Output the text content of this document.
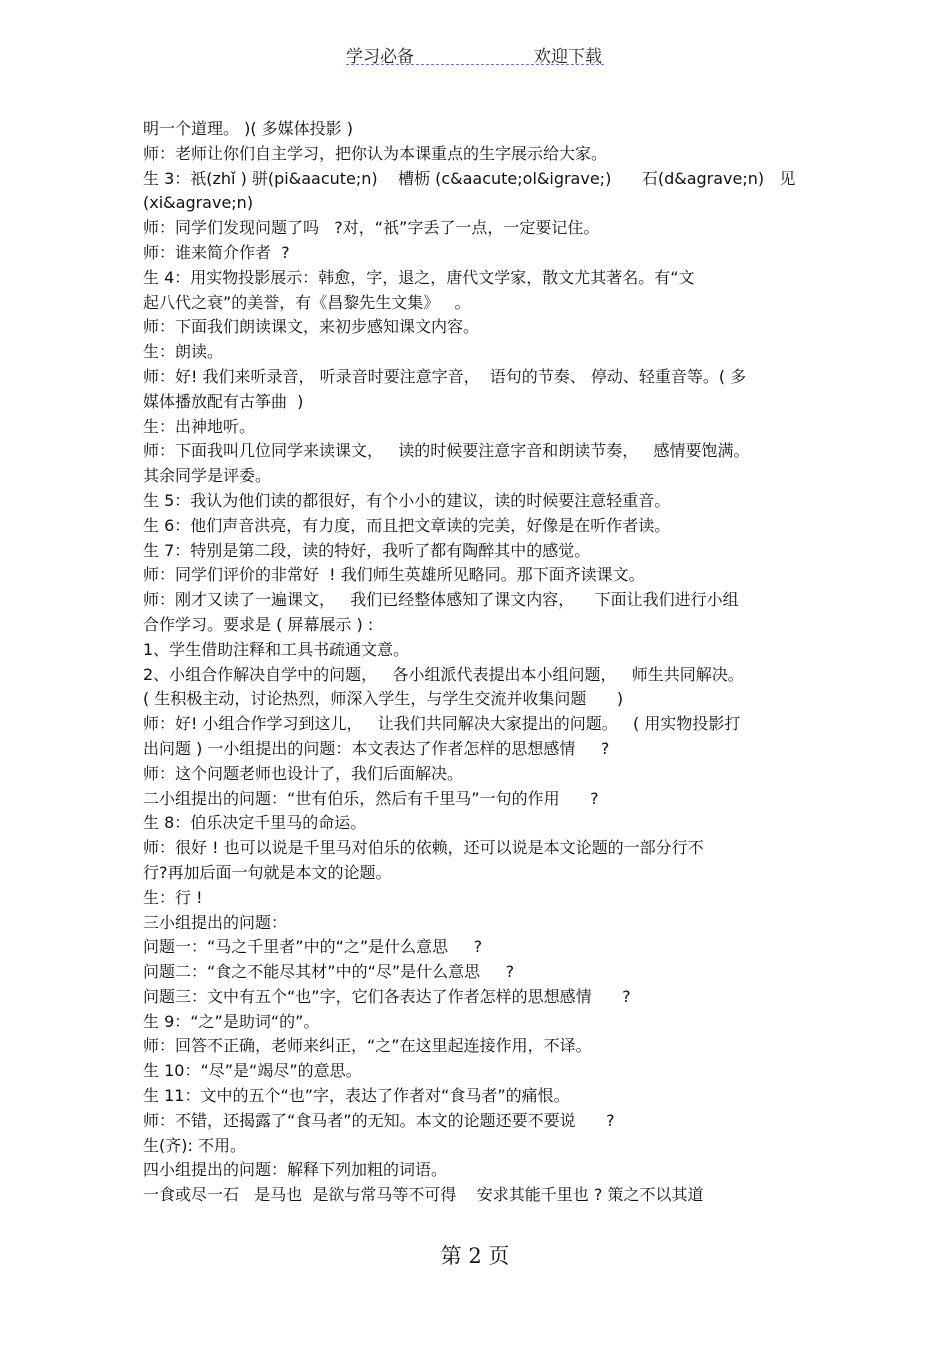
学习必备	欢迎下载
明一个道理。 )( 多媒体投影 )
师：老师让你们自主学习，把你认为本课重点的生字展示给大家。
生 3：祇(zhǐ ) 骈(pi&aacute;n)    槽枥 (c&aacute;ol&igrave;)      石(d&agrave;n)   见
(xi&agrave;n)
师：同学们发现问题了吗   ?对，“祇”字丢了一点，一定要记住。
师：谁来简介作者  ?
生 4：用实物投影展示：韩愈，字，退之，唐代文学家，散文尤其著名。有“文
起八代之衰”的美誉，有《昌黎先生文集》   。
师：下面我们朗读课文，来初步感知课文内容。
生：朗读。
师：好! 我们来听录音， 听录音时要注意字音，  语句的节奏、 停动、轻重音等。( 多
媒体播放配有古筝曲  )
生：出神地听。
师：下面我叫几位同学来读课文，   读的时候要注意字音和朗读节奏，   感情要饱满。
其余同学是评委。
生 5：我认为他们读的都很好，有个小小的建议，读的时候要注意轻重音。
生 6：他们声音洪亮，有力度，而且把文章读的完美，好像是在听作者读。
生 7：特别是第二段，读的特好，我听了都有陶醉其中的感觉。
师：同学们评价的非常好  ! 我们师生英雄所见略同。那下面齐读课文。
师：刚才又读了一遍课文，   我们已经整体感知了课文内容，    下面让我们进行小组
合作学习。要求是 ( 屏幕展示 ) :
1、学生借助注释和工具书疏通文意。
2、小组合作解决自学中的问题，   各小组派代表提出本小组问题，   师生共同解决。
( 生积极主动，讨论热烈，师深入学生，与学生交流并收集问题      )
师：好! 小组合作学习到这儿，   让我们共同解决大家提出的问题。   ( 用实物投影打
出问题 ) 一小组提出的问题：本文表达了作者怎样的思想感情     ?
师：这个问题老师也设计了，我们后面解决。
二小组提出的问题：“世有伯乐，然后有千里马”一句的作用      ?
生 8：伯乐决定千里马的命运。
师：很好 ! 也可以说是千里马对伯乐的依赖，还可以说是本文论题的一部分行不
行?再加后面一句就是本文的论题。
生：行 !
三小组提出的问题：
问题一：“马之千里者”中的“之”是什么意思     ?
问题二：“食之不能尽其材”中的“尽”是什么意思     ?
问题三：文中有五个“也”字，它们各表达了作者怎样的思想感情      ?
生 9：“之”是助词“的”。
师：回答不正确，老师来纠正，“之”在这里起连接作用，不译。
生 10：“尽”是“竭尽”的意思。
生 11：文中的五个“也”字，表达了作者对“食马者”的痛恨。
师：不错，还揭露了“食马者”的无知。本文的论题还要不要说      ?
生(齐): 不用。
四小组提出的问题：解释下列加粗的词语。
一食或尽一石   是马也  是欲与常马等不可得    安求其能千里也 ? 策之不以其道
第 2 页
